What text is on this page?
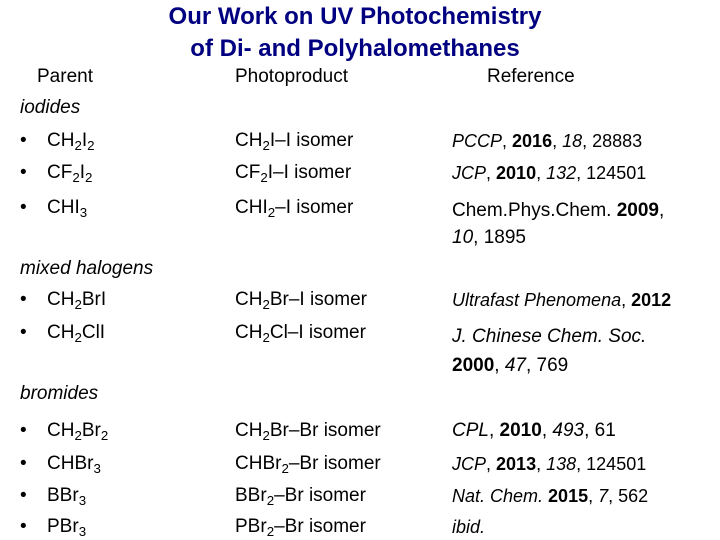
Our Work on UV Photochemistry
of Di- and Polyhalomethanes
Parent	Photoproduct	Reference
iodides
• $CH_2I_2$	$CH_2I-I$ isomer	PCCP, 2016, 18, 28883
• $CF_2I_2$	$CF_2I-I$ isomer	JCP, 2010, 132, 124501
• $CHI_3$	$CHI_2-I$ isomer	Chem.Phys.Chem. 2009,
10, 1895
mixed halogens
• $CH_2BrI$	$CH_2Br-I$ isomer	Ultrafast Phenomena, 2012
• $CH_2ClI$	$CH_2Cl-I$ isomer	J. Chinese Chem. Soc.
2000, 47, 769
bromides
• $CH_2Br_2$	$CH_2Br-Br$ isomer	CPL, 2010, 493, 61
• CHBr$_3$	CHBr$_2$–Br isomer	JCP, 2013, 138, 124501
• BBr$_3$	BBr$_2$–Br isomer	Nat. Chem. 2015, 7, 562
• PBr$_3$	PBr$_2$–Br isomer	ibid.
